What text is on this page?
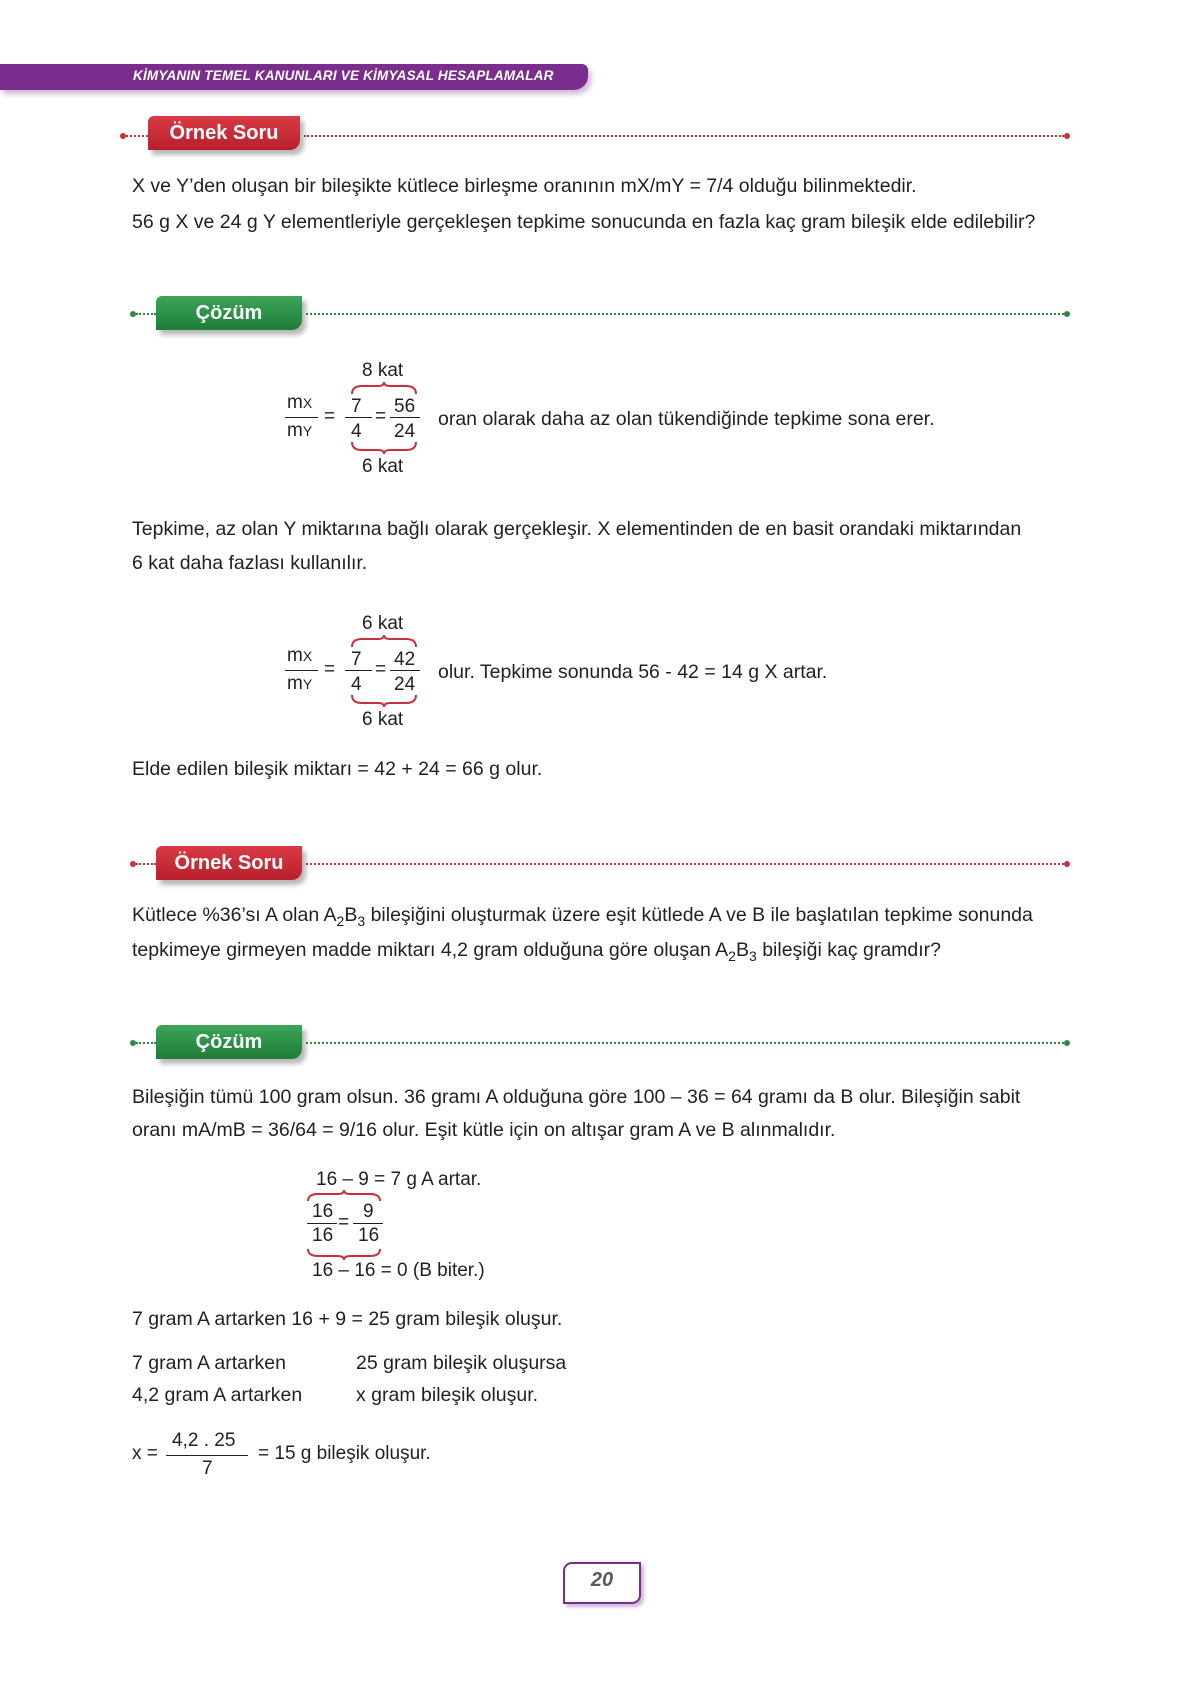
KİMYANIN TEMEL KANUNLARI VE KİMYASAL HESAPLAMALAR
Örnek Soru
X ve Y’den oluşan bir bileşikte kütlece birleşme oranının mX/mY = 7/4 olduğu bilinmektedir.
56 g X ve 24 g Y elementleriyle gerçekleşen tepkime sonucunda en fazla kaç gram bileşik elde edilebilir?
Çözüm
8 kat
mX
mY
= 7
4
= 56
24
6 kat
oran olarak daha az olan tükendiğinde tepkime sona erer.
Tepkime, az olan Y miktarına bağlı olarak gerçekleşir. X elementinden de en basit orandaki miktarından
6 kat daha fazlası kullanılır.
6 kat
mX
mY
= 7
4
= 42
24
6 kat
olur. Tepkime sonunda 56 - 42 = 14 g X artar.
Elde edilen bileşik miktarı = 42 + 24 = 66 g olur.
Örnek Soru
Kütlece %36’sı A olan $A_2B_3$ bileşiğini oluşturmak üzere eşit kütlede A ve B ile başlatılan tepkime sonunda
tepkimeye girmeyen madde miktarı 4,2 gram olduğuna göre oluşan $A_2B_3$ bileşiği kaç gramdır?
Çözüm
Bileşiğin tümü 100 gram olsun. 36 gramı A olduğuna göre 100 – 36 = 64 gramı da B olur. Bileşiğin sabit
oranı mA/mB = 36/64 = 9/16 olur. Eşit kütle için on altışar gram A ve B alınmalıdır.
16 – 9 = 7 g A artar.
16
16
=
9
16
16 – 16 = 0 (B biter.)
7 gram A artarken 16 + 9 = 25 gram bileşik oluşur.
7 gram A artarken	25 gram bileşik oluşursa
4,2 gram A artarken	x gram bileşik oluşur.
x =
4,2 . 25
7
= 15 g bileşik oluşur.
20
